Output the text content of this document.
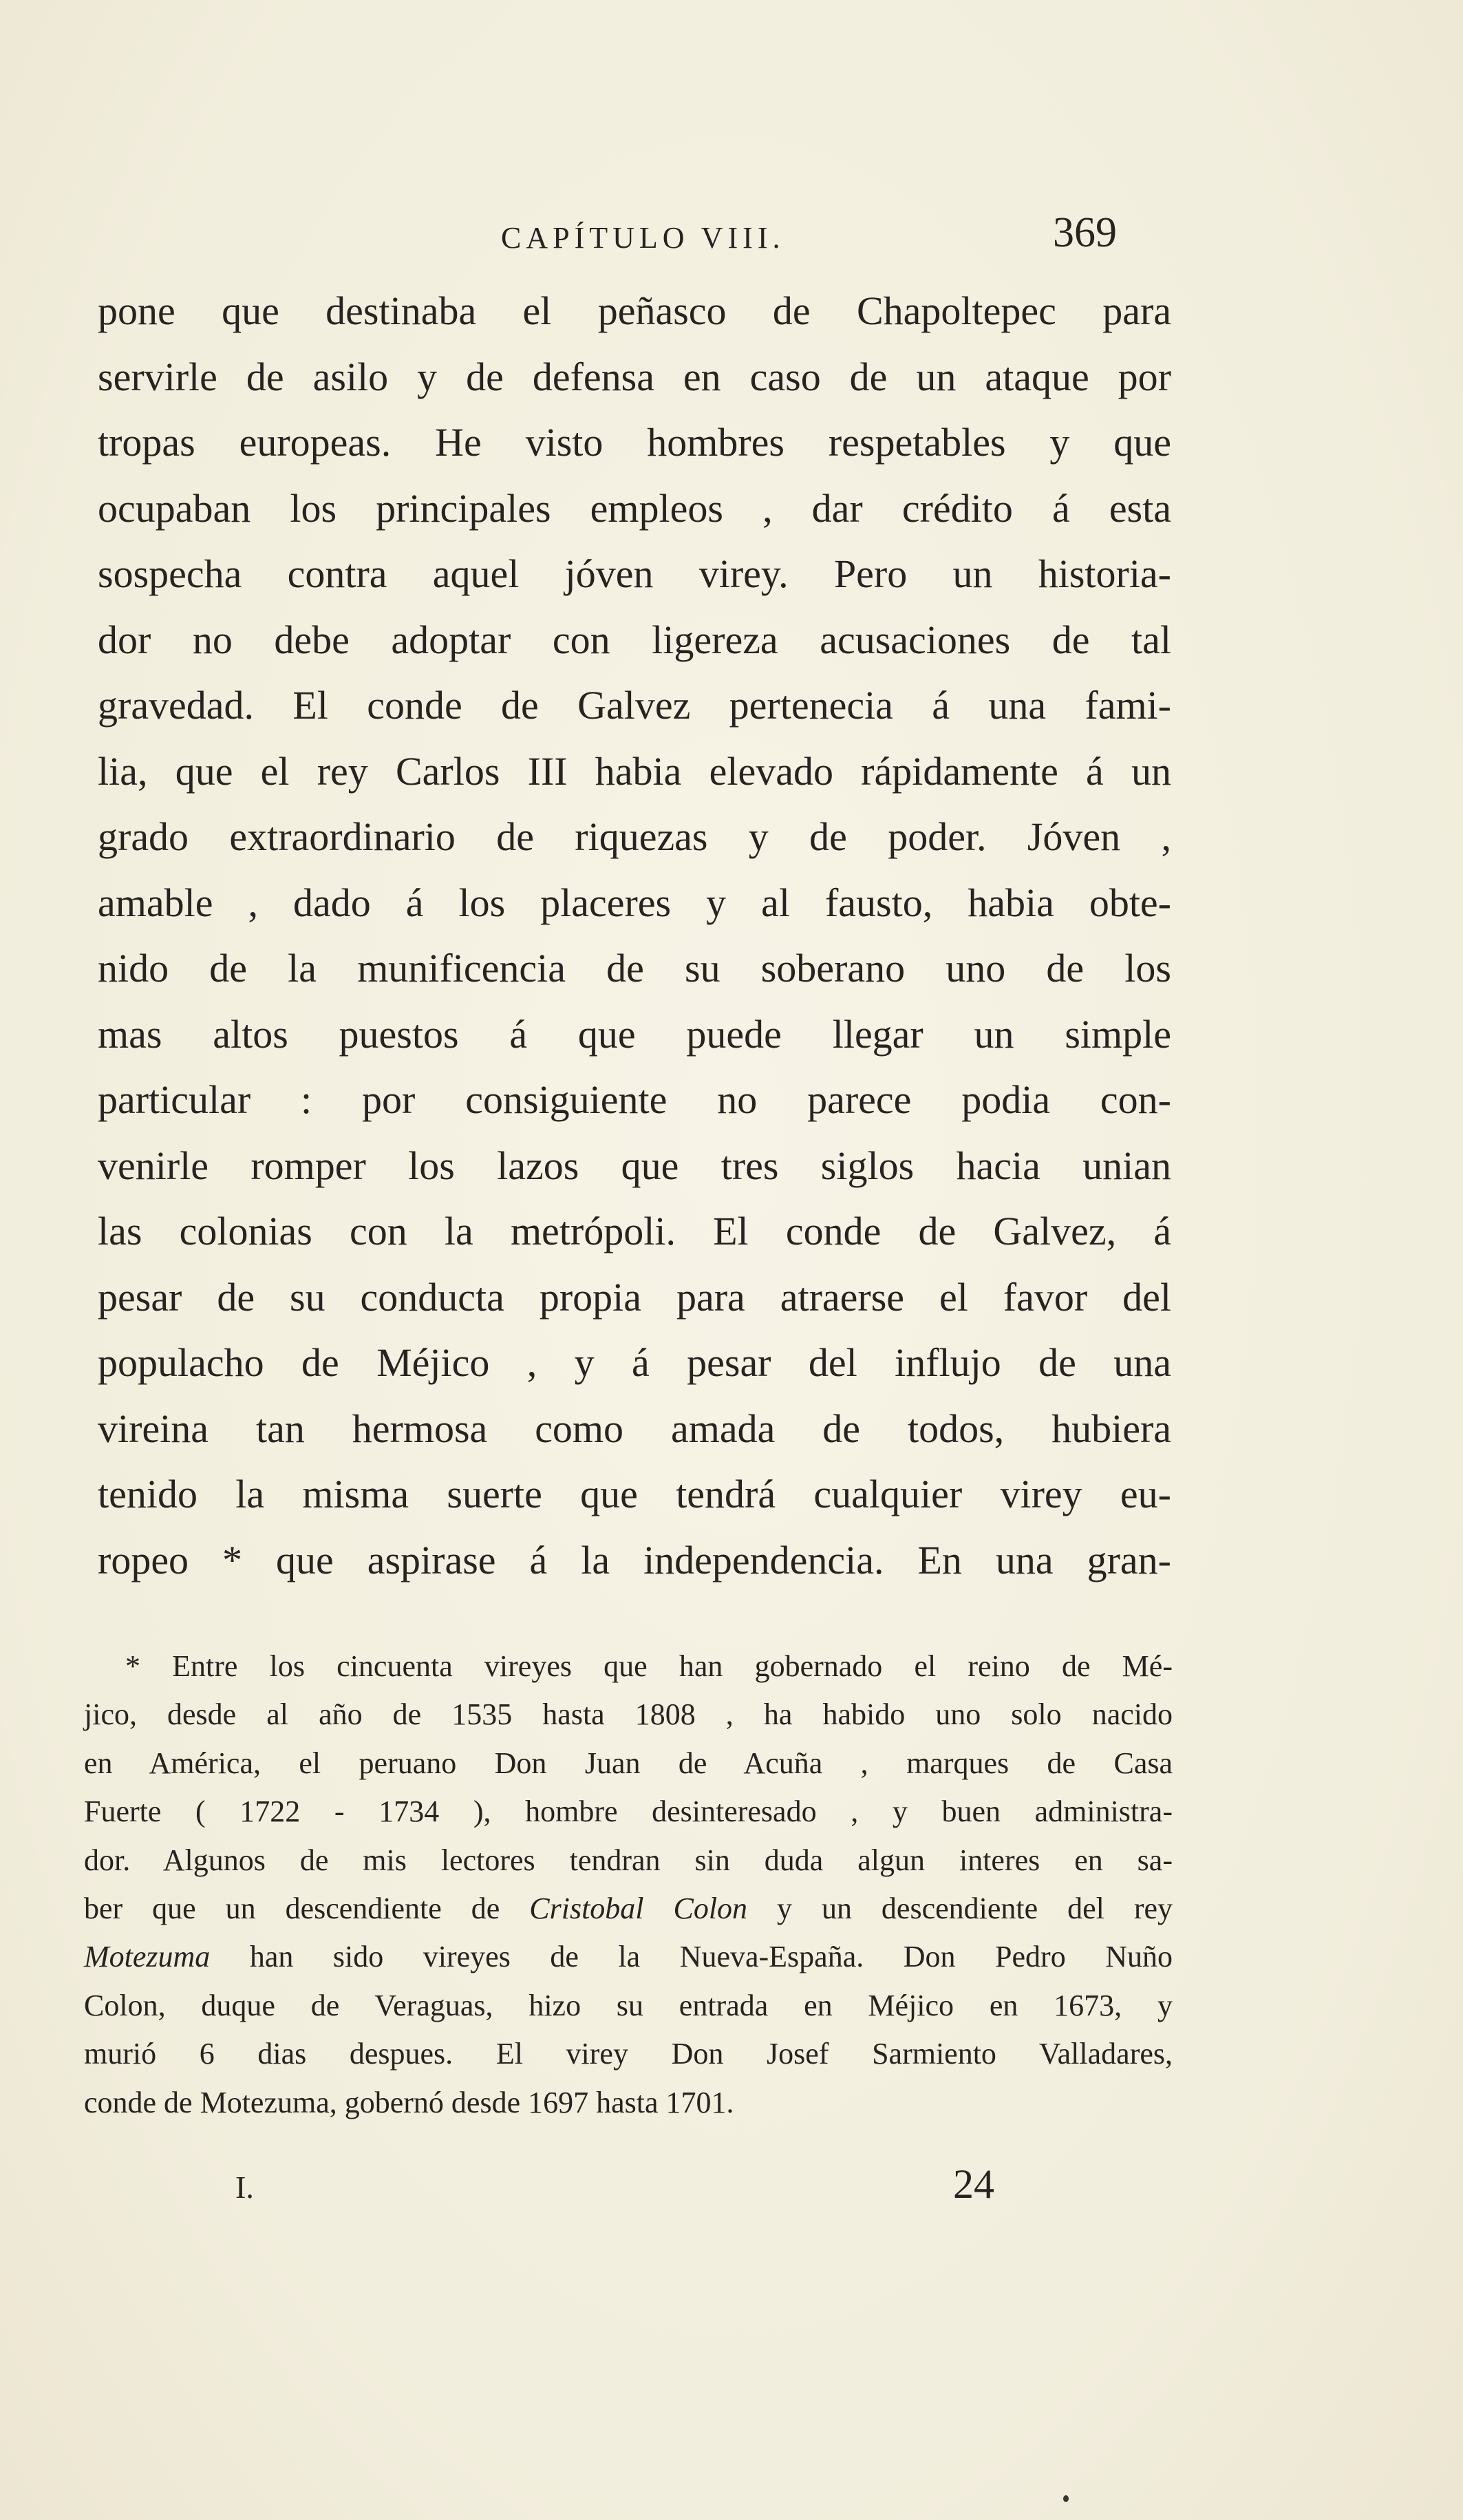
CAPÍTULO VIII.	369
pone que destinaba el peñasco de Chapoltepec para
servirle de asilo y de defensa en caso de un ataque por
tropas europeas. He visto hombres respetables y que
ocupaban los principales empleos , dar crédito á esta
sospecha contra aquel jóven virey. Pero un historia-
dor no debe adoptar con ligereza acusaciones de tal
gravedad. El conde de Galvez pertenecia á una fami-
lia, que el rey Carlos III habia elevado rápidamente á un
grado extraordinario de riquezas y de poder. Jóven ,
amable , dado á los placeres y al fausto, habia obte-
nido de la munificencia de su soberano uno de los
mas altos puestos á que puede llegar un simple
particular : por consiguiente no parece podia con-
venirle romper los lazos que tres siglos hacia unian
las colonias con la metrópoli. El conde de Galvez, á
pesar de su conducta propia para atraerse el favor del
populacho de Méjico , y á pesar del influjo de una
vireina tan hermosa como amada de todos, hubiera
tenido la misma suerte que tendrá cualquier virey eu-
ropeo * que aspirase á la independencia. En una gran-
* Entre los cincuenta vireyes que han gobernado el reino de Mé-
jico, desde al año de 1535 hasta 1808 , ha habido uno solo nacido
en América, el peruano Don Juan de Acuña , marques de Casa
Fuerte ( 1722 - 1734 ), hombre desinteresado , y buen administra-
dor. Algunos de mis lectores tendran sin duda algun interes en sa-
ber que un descendiente de Cristobal Colon y un descendiente del rey
Motezuma han sido vireyes de la Nueva-España. Don Pedro Nuño
Colon, duque de Veraguas, hizo su entrada en Méjico en 1673, y
murió 6 dias despues. El virey Don Josef Sarmiento Valladares,
conde de Motezuma, gobernó desde 1697 hasta 1701.
I.	24
